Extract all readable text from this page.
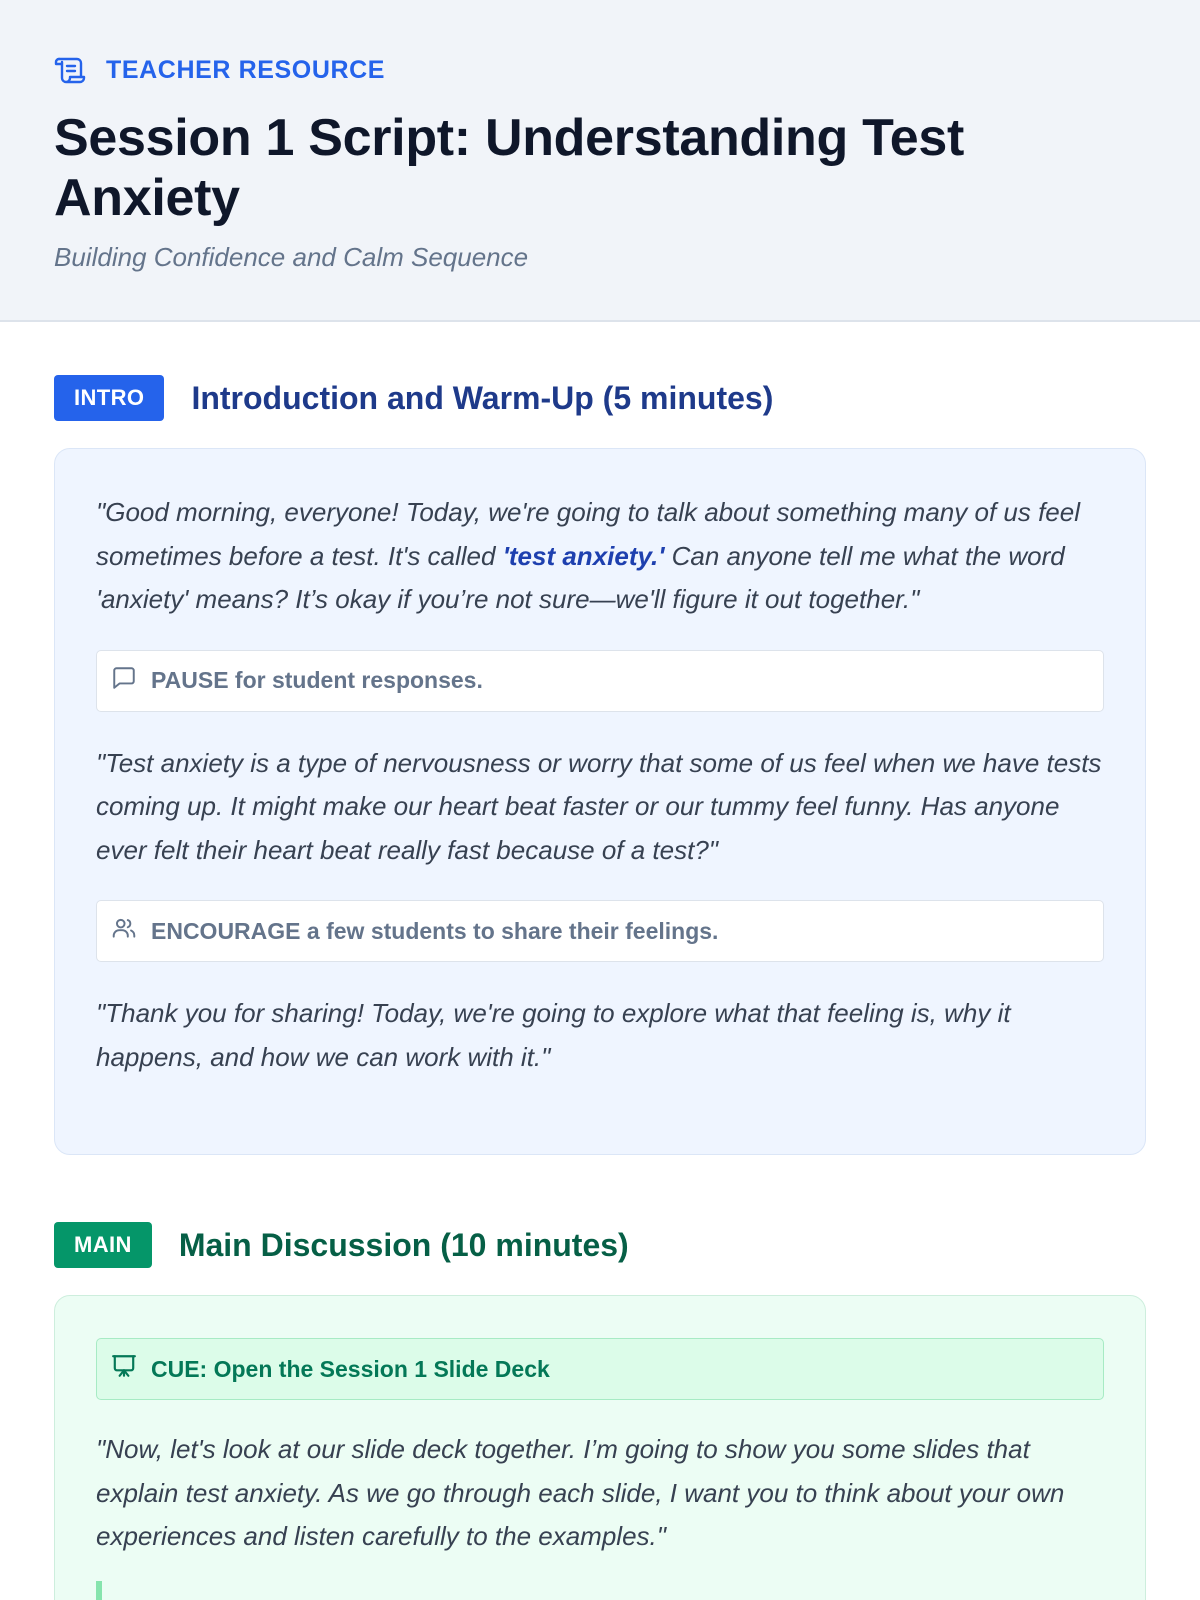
TEACHER RESOURCE
Session 1 Script: Understanding Test Anxiety
Building Confidence and Calm Sequence
INTRO	Introduction and Warm-Up (5 minutes)

"Good morning, everyone! Today, we're going to talk about something many of us feel sometimes before a test. It's called 'test anxiety.' Can anyone tell me what the word 'anxiety' means? It’s okay if you’re not sure—we'll figure it out together."

PAUSE for student responses.

"Test anxiety is a type of nervousness or worry that some of us feel when we have tests coming up. It might make our heart beat faster or our tummy feel funny. Has anyone ever felt their heart beat really fast because of a test?"

ENCOURAGE a few students to share their feelings.

"Thank you for sharing! Today, we're going to explore what that feeling is, why it happens, and how we can work with it."

MAIN	Main Discussion (10 minutes)
CUE: Open the Session 1 Slide Deck

"Now, let's look at our slide deck together. I’m going to show you some slides that explain test anxiety. As we go through each slide, I want you to think about your own experiences and listen carefully to the examples."
